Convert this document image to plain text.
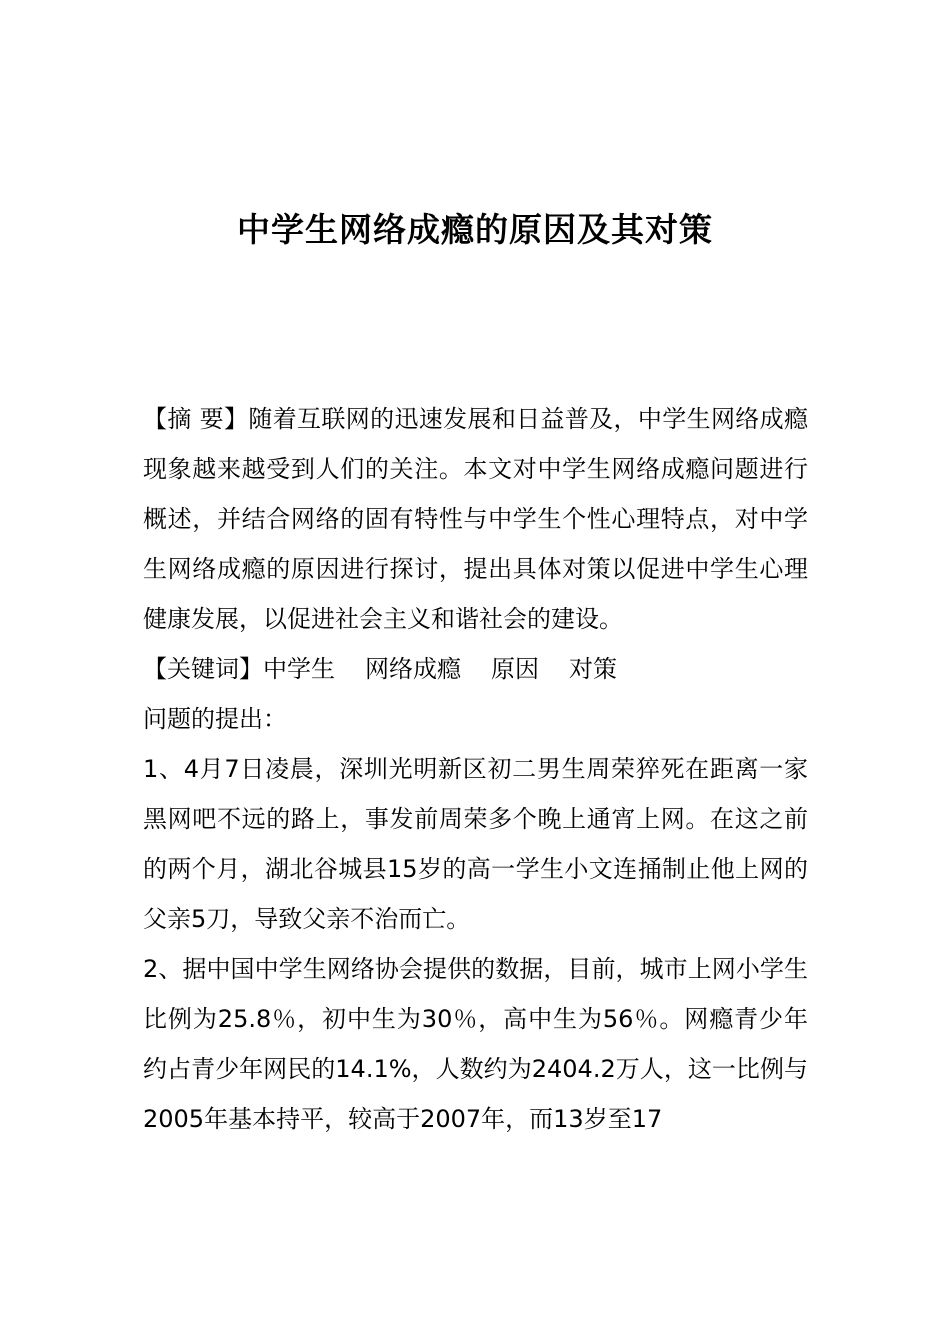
中学生网络成瘾的原因及其对策

【摘 要】随着互联网的迅速发展和日益普及，中学生网络成瘾现象越来越受到人们的关注。本文对中学生网络成瘾问题进行概述，并结合网络的固有特性与中学生个性心理特点，对中学生网络成瘾的原因进行探讨，提出具体对策以促进中学生心理健康发展，以促进社会主义和谐社会的建设。

【关键词】中学生 网络成瘾 原因 对策

问题的提出：

1、4月7日凌晨，深圳光明新区初二男生周荣猝死在距离一家黑网吧不远的路上，事发前周荣多个晚上通宵上网。在这之前的两个月，湖北谷城县15岁的高一学生小文连捅制止他上网的父亲5刀，导致父亲不治而亡。

2、据中国中学生网络协会提供的数据，目前，城市上网小学生比例为25.8％，初中生为30％，高中生为56％。网瘾青少年约占青少年网民的14.1%，人数约为2404.2万人，这一比例与2005年基本持平，较高于2007年，而13岁至17
